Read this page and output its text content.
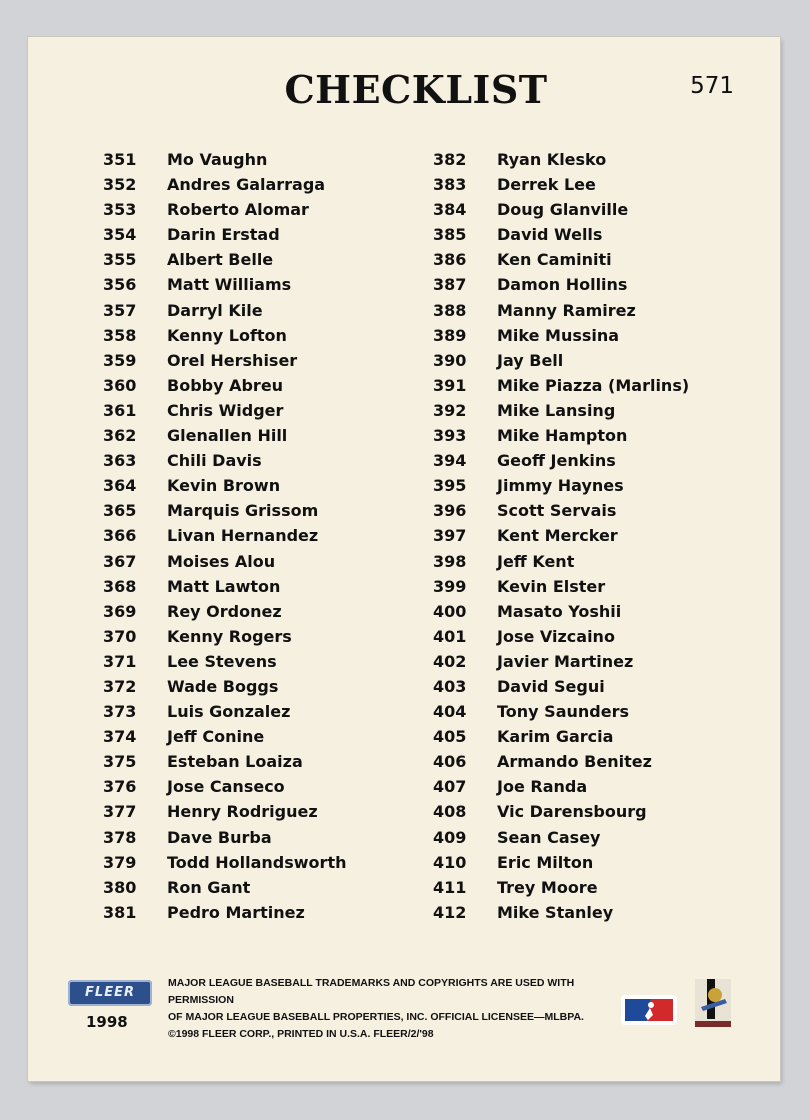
CHECKLIST	571
351 Mo Vaughn
352 Andres Galarraga
353 Roberto Alomar
354 Darin Erstad
355 Albert Belle
356 Matt Williams
357 Darryl Kile
358 Kenny Lofton
359 Orel Hershiser
360 Bobby Abreu
361 Chris Widger
362 Glenallen Hill
363 Chili Davis
364 Kevin Brown
365 Marquis Grissom
366 Livan Hernandez
367 Moises Alou
368 Matt Lawton
369 Rey Ordonez
370 Kenny Rogers
371 Lee Stevens
372 Wade Boggs
373 Luis Gonzalez
374 Jeff Conine
375 Esteban Loaiza
376 Jose Canseco
377 Henry Rodriguez
378 Dave Burba
379 Todd Hollandsworth
380 Ron Gant
381 Pedro Martinez
382 Ryan Klesko
383 Derrek Lee
384 Doug Glanville
385 David Wells
386 Ken Caminiti
387 Damon Hollins
388 Manny Ramirez
389 Mike Mussina
390 Jay Bell
391 Mike Piazza (Marlins)
392 Mike Lansing
393 Mike Hampton
394 Geoff Jenkins
395 Jimmy Haynes
396 Scott Servais
397 Kent Mercker
398 Jeff Kent
399 Kevin Elster
400 Masato Yoshii
401 Jose Vizcaino
402 Javier Martinez
403 David Segui
404 Tony Saunders
405 Karim Garcia
406 Armando Benitez
407 Joe Randa
408 Vic Darensbourg
409 Sean Casey
410 Eric Milton
411 Trey Moore
412 Mike Stanley
FLEER
1998
MAJOR LEAGUE BASEBALL TRADEMARKS AND COPYRIGHTS ARE USED WITH PERMISSION
OF MAJOR LEAGUE BASEBALL PROPERTIES, INC. OFFICIAL LICENSEE—MLBPA.
©1998 FLEER CORP., PRINTED IN U.S.A. FLEER/2/'98
